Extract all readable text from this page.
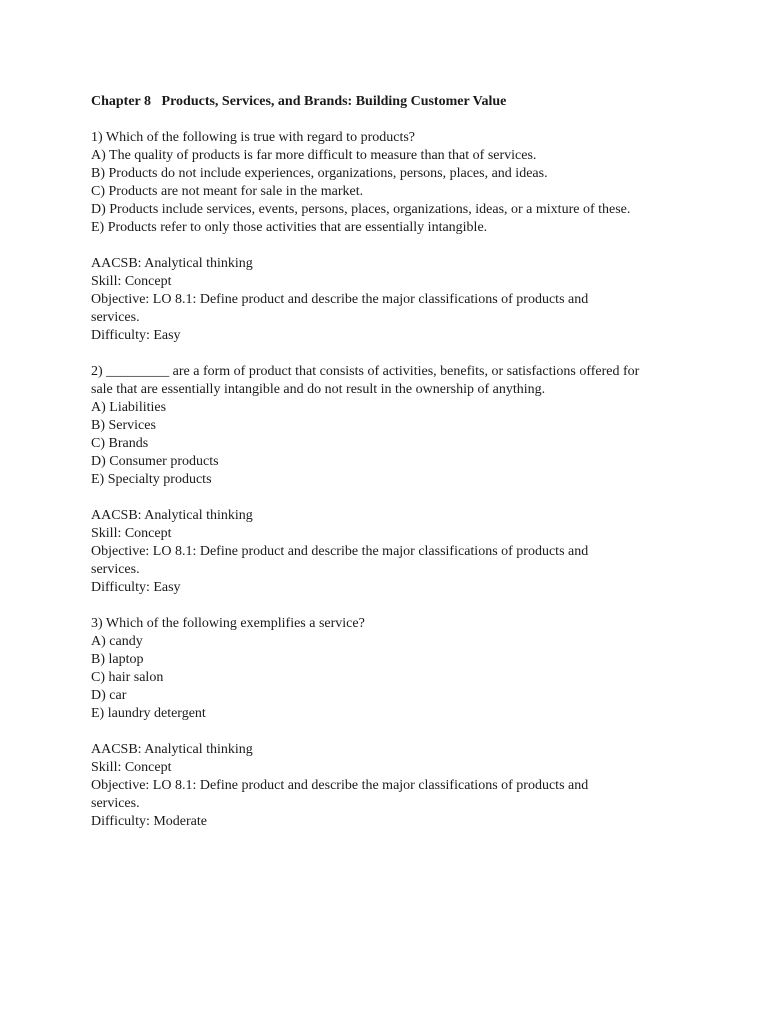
Chapter 8   Products, Services, and Brands: Building Customer Value
1) Which of the following is true with regard to products?
A) The quality of products is far more difficult to measure than that of services.
B) Products do not include experiences, organizations, persons, places, and ideas.
C) Products are not meant for sale in the market.
D) Products include services, events, persons, places, organizations, ideas, or a mixture of these.
E) Products refer to only those activities that are essentially intangible.
AACSB: Analytical thinking
Skill: Concept
Objective: LO 8.1: Define product and describe the major classifications of products and
services.
Difficulty: Easy
2) _________ are a form of product that consists of activities, benefits, or satisfactions offered for
sale that are essentially intangible and do not result in the ownership of anything.
A) Liabilities
B) Services
C) Brands
D) Consumer products
E) Specialty products
AACSB: Analytical thinking
Skill: Concept
Objective: LO 8.1: Define product and describe the major classifications of products and
services.
Difficulty: Easy
3) Which of the following exemplifies a service?
A) candy
B) laptop
C) hair salon
D) car
E) laundry detergent
AACSB: Analytical thinking
Skill: Concept
Objective: LO 8.1: Define product and describe the major classifications of products and
services.
Difficulty: Moderate
